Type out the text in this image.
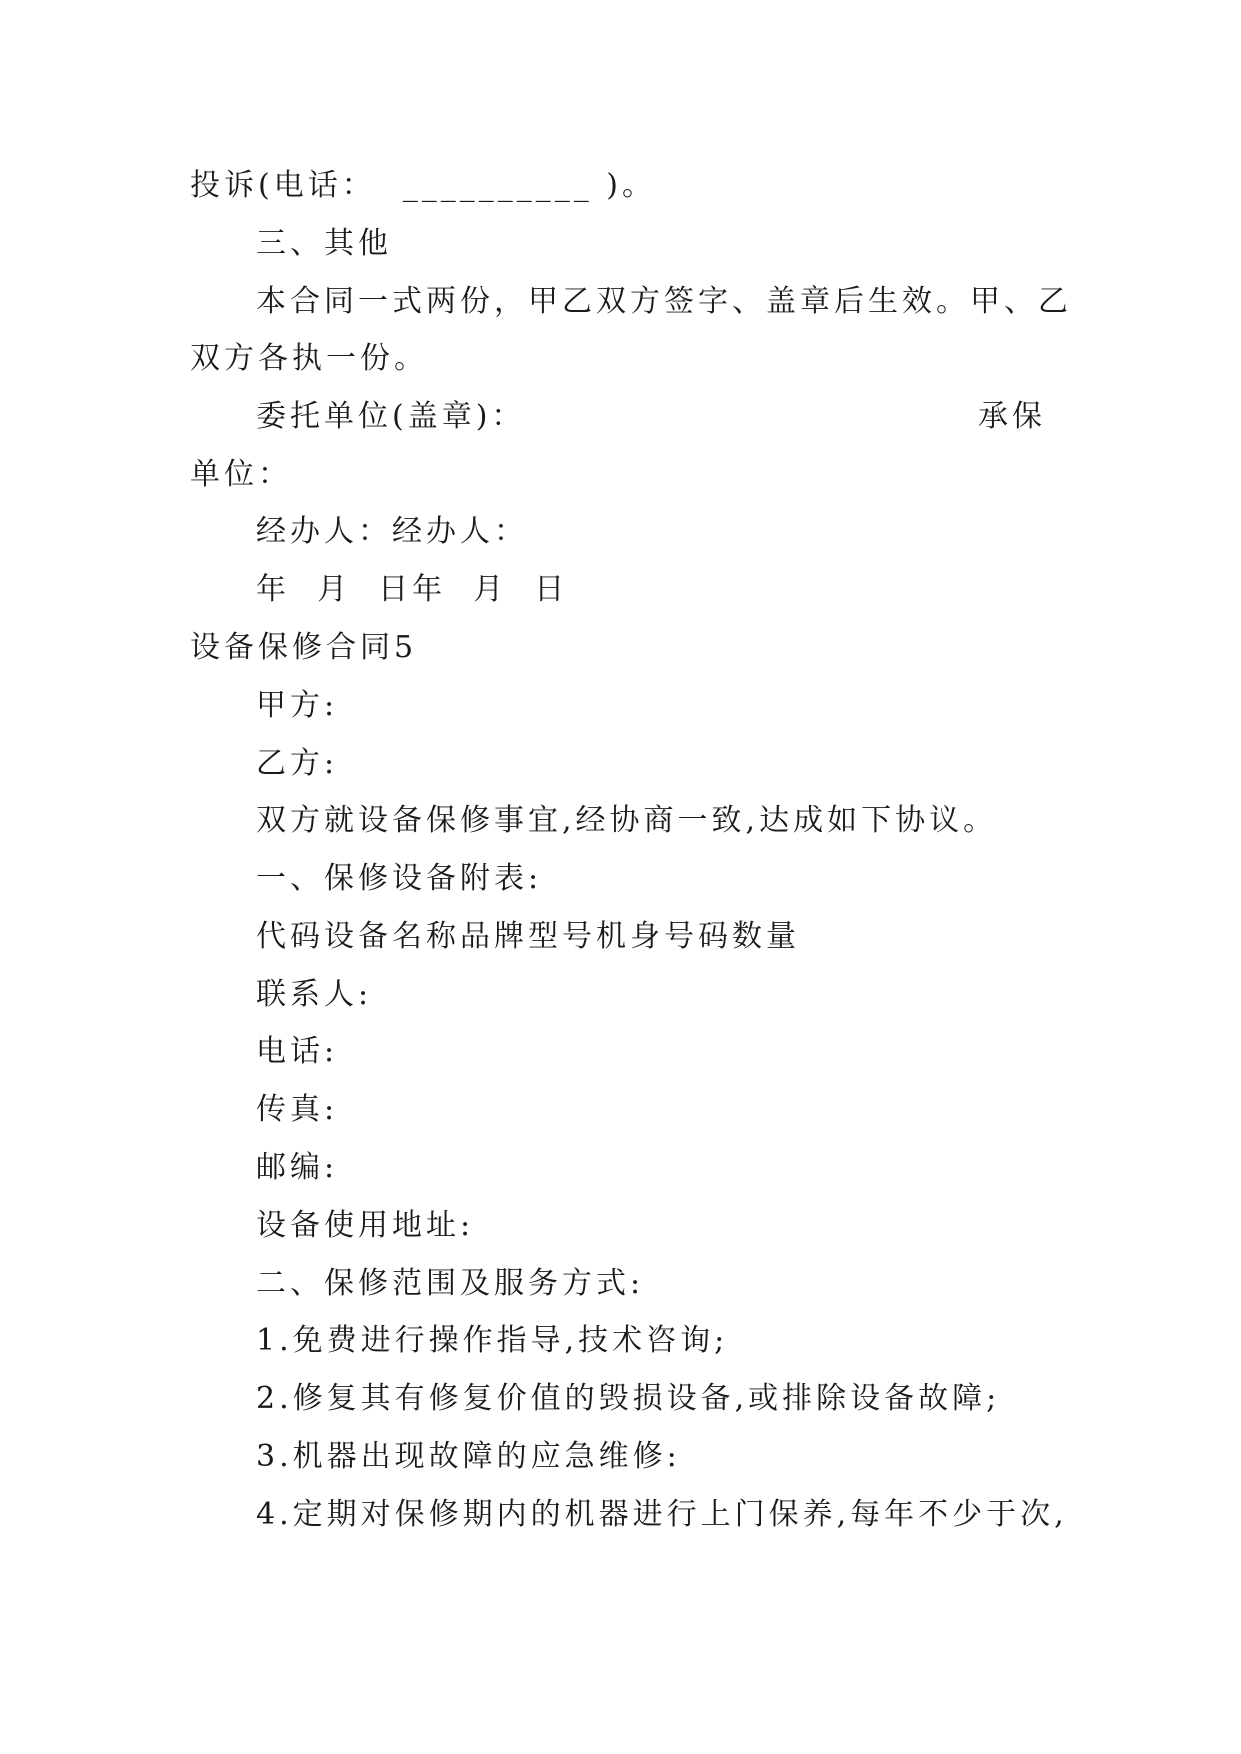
投诉(电话：  __________ )。
三、其他
本合同一式两份，甲乙双方签字、盖章后生效。甲、乙
双方各执一份。
委托单位(盖章)：	承保
单位：
经办人：经办人：
年  月  日年  月  日
设备保修合同5
甲方:
乙方:
双方就设备保修事宜,经协商一致,达成如下协议。
一、保修设备附表:
代码设备名称品牌型号机身号码数量
联系人:
电话:
传真:
邮编:
设备使用地址:
二、保修范围及服务方式:
1.免费进行操作指导,技术咨询;
2.修复其有修复价值的毁损设备,或排除设备故障;
3.机器出现故障的应急维修:
4.定期对保修期内的机器进行上门保养,每年不少于次,
